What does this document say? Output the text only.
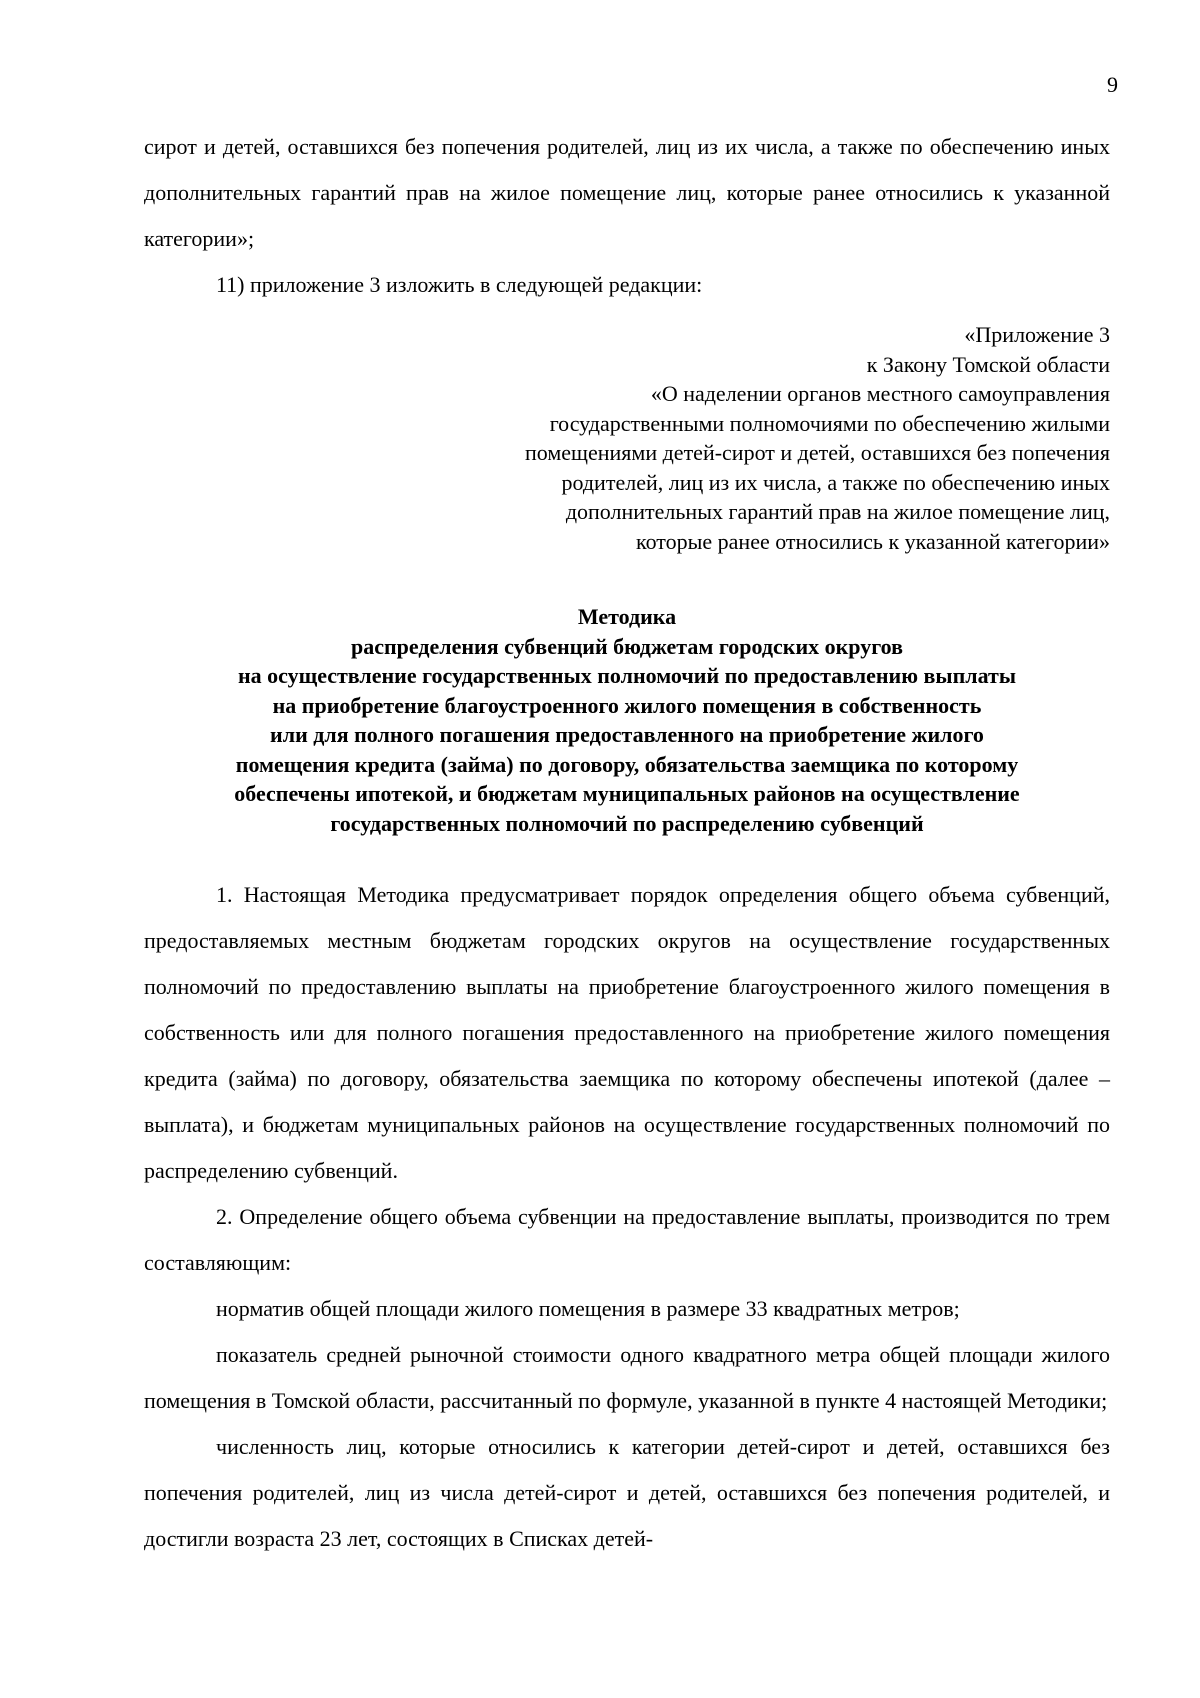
9

сирот и детей, оставшихся без попечения родителей, лиц из их числа, а также по обеспечению иных дополнительных гарантий прав на жилое помещение лиц, которые ранее относились к указанной категории»;

11) приложение 3 изложить в следующей редакции:

«Приложение 3
к Закону Томской области
«О наделении органов местного самоуправления
государственными полномочиями по обеспечению жилыми
помещениями детей-сирот и детей, оставшихся без попечения
родителей, лиц из их числа, а также по обеспечению иных
дополнительных гарантий прав на жилое помещение лиц,
которые ранее относились к указанной категории»
Методика
распределения субвенций бюджетам городских округов
на осуществление государственных полномочий по предоставлению выплаты
на приобретение благоустроенного жилого помещения в собственность
или для полного погашения предоставленного на приобретение жилого
помещения кредита (займа) по договору, обязательства заемщика по которому
обеспечены ипотекой, и бюджетам муниципальных районов на осуществление
государственных полномочий по распределению субвенций

1. Настоящая Методика предусматривает порядок определения общего объема субвенций, предоставляемых местным бюджетам городских округов на осуществление государственных полномочий по предоставлению выплаты на приобретение благоустроенного жилого помещения в собственность или для полного погашения предоставленного на приобретение жилого помещения кредита (займа) по договору, обязательства заемщика по которому обеспечены ипотекой (далее – выплата), и бюджетам муниципальных районов на осуществление государственных полномочий по распределению субвенций.

2. Определение общего объема субвенции на предоставление выплаты, производится по трем составляющим:

норматив общей площади жилого помещения в размере 33 квадратных метров;

показатель средней рыночной стоимости одного квадратного метра общей площади жилого помещения в Томской области, рассчитанный по формуле, указанной в пункте 4 настоящей Методики;

численность лиц, которые относились к категории детей-сирот и детей, оставшихся без попечения родителей, лиц из числа детей-сирот и детей, оставшихся без попечения родителей, и достигли возраста 23 лет, состоящих в Списках детей-
